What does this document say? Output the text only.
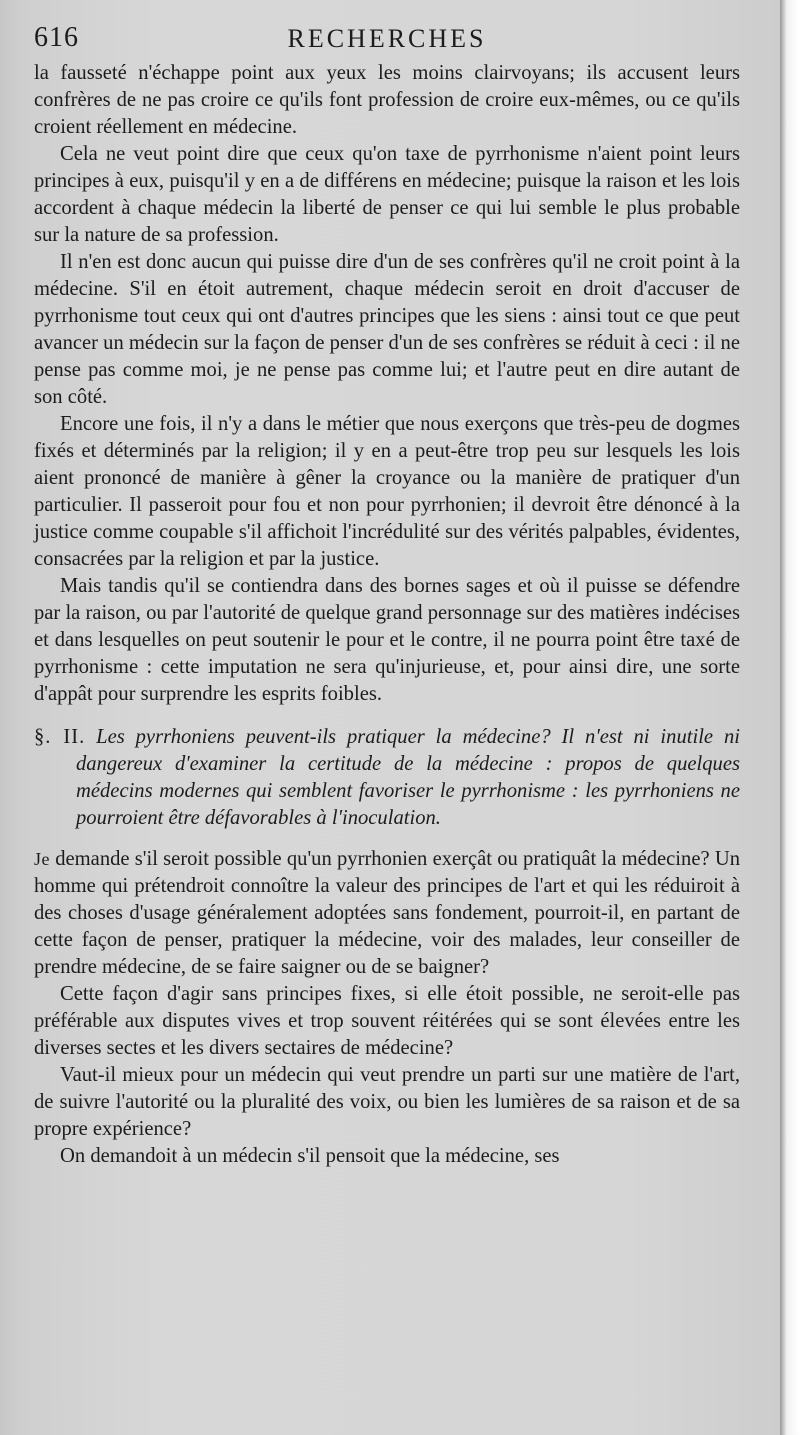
616	RECHERCHES

la fausseté n'échappe point aux yeux les moins clairvoyans; ils accusent leurs confrères de ne pas croire ce qu'ils font profession de croire eux-mêmes, ou ce qu'ils croient réellement en médecine.

Cela ne veut point dire que ceux qu'on taxe de pyrrhonisme n'aient point leurs principes à eux, puisqu'il y en a de différens en médecine; puisque la raison et les lois accordent à chaque médecin la liberté de penser ce qui lui semble le plus probable sur la nature de sa profession.

Il n'en est donc aucun qui puisse dire d'un de ses confrères qu'il ne croit point à la médecine. S'il en étoit autrement, chaque médecin seroit en droit d'accuser de pyrrhonisme tout ceux qui ont d'autres principes que les siens : ainsi tout ce que peut avancer un médecin sur la façon de penser d'un de ses confrères se réduit à ceci : il ne pense pas comme moi, je ne pense pas comme lui; et l'autre peut en dire autant de son côté.

Encore une fois, il n'y a dans le métier que nous exerçons que très-peu de dogmes fixés et déterminés par la religion; il y en a peut-être trop peu sur lesquels les lois aient prononcé de manière à gêner la croyance ou la manière de pratiquer d'un particulier. Il passeroit pour fou et non pour pyrrhonien; il devroit être dénoncé à la justice comme coupable s'il affichoit l'incrédulité sur des vérités palpables, évidentes, consacrées par la religion et par la justice.

Mais tandis qu'il se contiendra dans des bornes sages et où il puisse se défendre par la raison, ou par l'autorité de quelque grand personnage sur des matières indécises et dans lesquelles on peut soutenir le pour et le contre, il ne pourra point être taxé de pyrrhonisme : cette imputation ne sera qu'injurieuse, et, pour ainsi dire, une sorte d'appât pour surprendre les esprits foibles.

§. II. Les pyrrhoniens peuvent-ils pratiquer la médecine? Il n'est ni inutile ni dangereux d'examiner la certitude de la médecine : propos de quelques médecins modernes qui semblent favoriser le pyrrhonisme : les pyrrhoniens ne pourroient être défavorables à l'inoculation.

Je demande s'il seroit possible qu'un pyrrhonien exerçât ou pratiquât la médecine? Un homme qui prétendroit connoître la valeur des principes de l'art et qui les réduiroit à des choses d'usage généralement adoptées sans fondement, pourroit-il, en partant de cette façon de penser, pratiquer la médecine, voir des malades, leur conseiller de prendre médecine, de se faire saigner ou de se baigner?

Cette façon d'agir sans principes fixes, si elle étoit possible, ne seroit-elle pas préférable aux disputes vives et trop souvent réitérées qui se sont élevées entre les diverses sectes et les divers sectaires de médecine?

Vaut-il mieux pour un médecin qui veut prendre un parti sur une matière de l'art, de suivre l'autorité ou la pluralité des voix, ou bien les lumières de sa raison et de sa propre expérience?

On demandoit à un médecin s'il pensoit que la médecine, ses
